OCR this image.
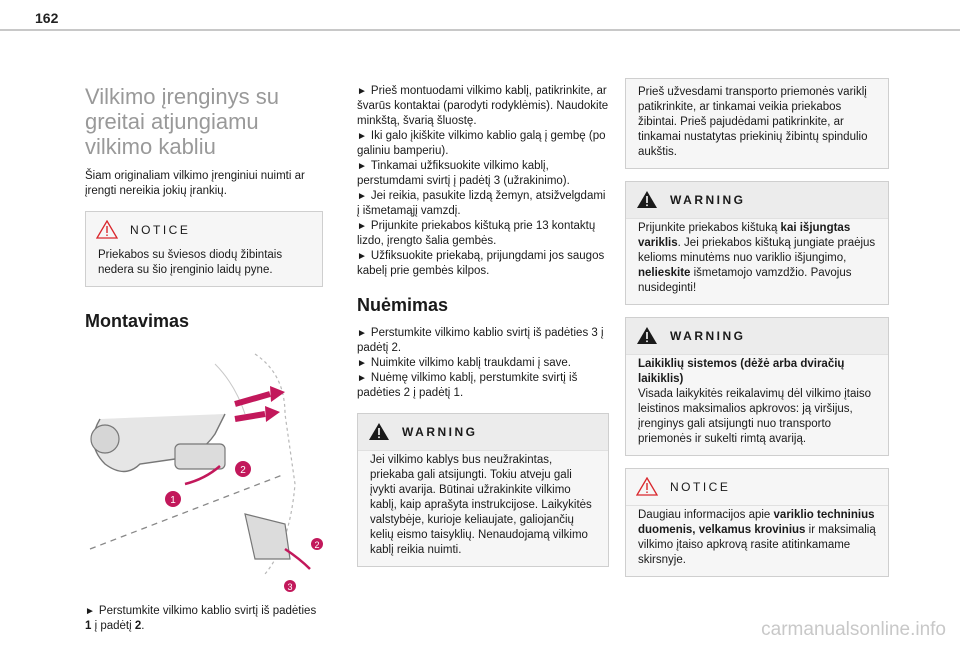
162
Vilkimo įrenginys su greitai atjungiamu vilkimo kabliu

Šiam originaliam vilkimo įrenginiui nuimti ar įrengti nereikia jokių įrankių.

NOTICE

Priekabos su šviesos diodų žibintais nedera su šio įrenginio laidų pyne.

Montavimas
1
2
2
3

► Perstumkite vilkimo kablio svirtį iš padėties 1 į padėtį 2.

► Prieš montuodami vilkimo kablį, patikrinkite, ar švarūs kontaktai (parodyti rodyklėmis). Naudokite minkštą, švarią šluostę.

► Iki galo įkiškite vilkimo kablio galą į gembę (po galiniu bamperiu).

► Tinkamai užfiksuokite vilkimo kablį, perstumdami svirtį į padėtį 3 (užrakinimo).

► Jei reikia, pasukite lizdą žemyn, atsižvelgdami į išmetamąjį vamzdį.

► Prijunkite priekabos kištuką prie 13 kontaktų lizdo, įrengto šalia gembės.

► Užfiksuokite priekabą, prijungdami jos saugos kabelį prie gembės kilpos.

Nuėmimas

► Perstumkite vilkimo kablio svirtį iš padėties 3 į padėtį 2.

► Nuimkite vilkimo kablį traukdami į save.

► Nuėmę vilkimo kablį, perstumkite svirtį iš padėties 2 į padėtį 1.

WARNING

Jei vilkimo kablys bus neužrakintas, priekaba gali atsijungti. Tokiu atveju gali įvykti avarija. Būtinai užrakinkite vilkimo kablį, kaip aprašyta instrukcijose. Laikykitės valstybėje, kurioje keliaujate, galiojančių kelių eismo taisyklių. Nenaudojamą vilkimo kablį reikia nuimti.

Prieš užvesdami transporto priemonės variklį patikrinkite, ar tinkamai veikia priekabos žibintai. Prieš pajudėdami patikrinkite, ar tinkamai nustatytas priekinių žibintų spindulio aukštis.

WARNING

Prijunkite priekabos kištuką kai išjungtas variklis. Jei priekabos kištuką jungiate praėjus kelioms minutėms nuo variklio išjungimo, nelieskite išmetamojo vamzdžio. Pavojus nusideginti!

WARNING

Laikiklių sistemos (dėžė arba dviračių laikiklis)

Visada laikykitės reikalavimų dėl vilkimo įtaiso leistinos maksimalios apkrovos: ją viršijus, įrenginys gali atsijungti nuo transporto priemonės ir sukelti rimtą avariją.

NOTICE

Daugiau informacijos apie variklio techninius duomenis, velkamus krovinius ir maksimalią vilkimo įtaiso apkrovą rasite atitinkamame skirsnyje.

carmanualsonline.info
